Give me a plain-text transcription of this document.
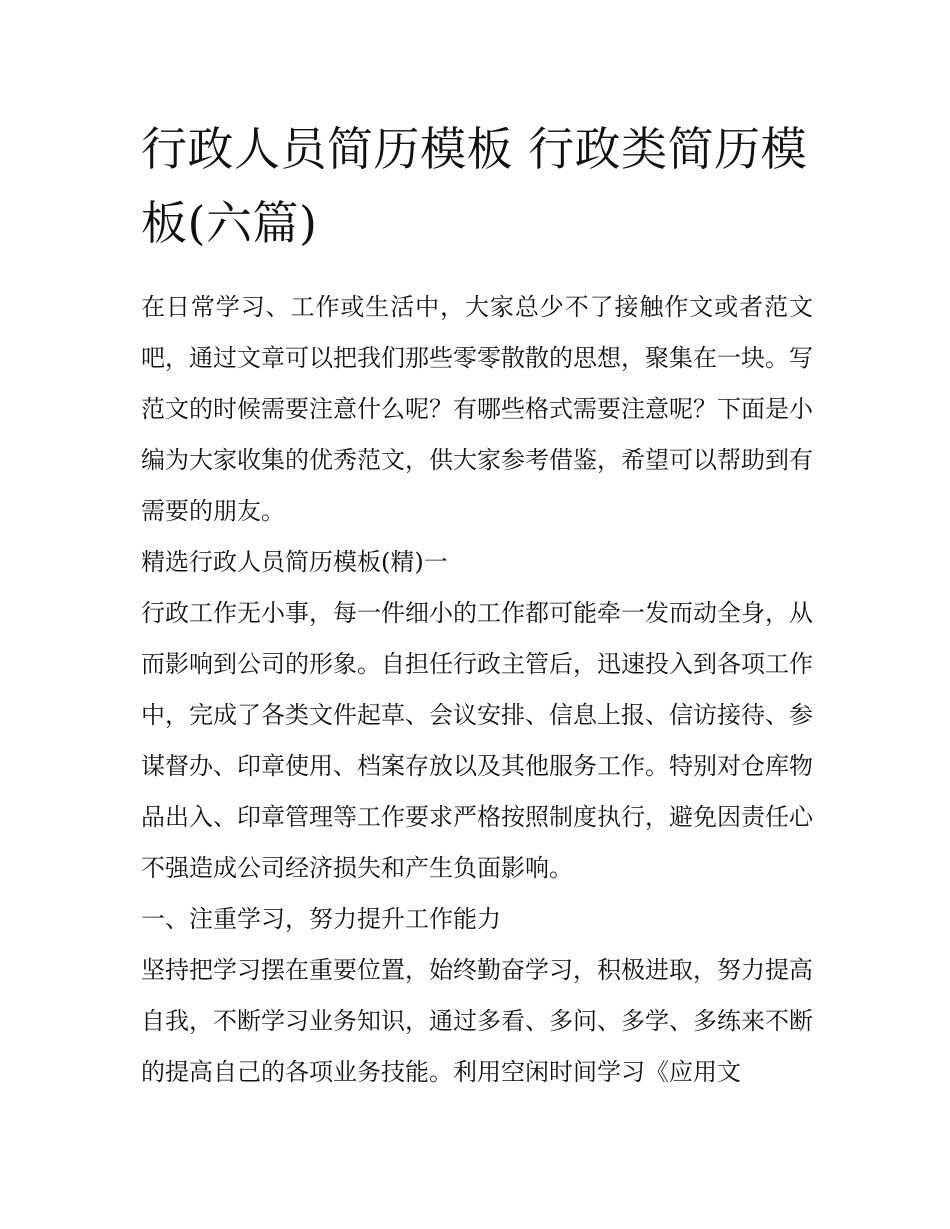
行政人员简历模板 行政类简历模板(六篇)

在日常学习、工作或生活中，大家总少不了接触作文或者范文吧，通过文章可以把我们那些零零散散的思想，聚集在一块。写范文的时候需要注意什么呢？有哪些格式需要注意呢？下面是小编为大家收集的优秀范文，供大家参考借鉴，希望可以帮助到有需要的朋友。

精选行政人员简历模板(精)一

行政工作无小事，每一件细小的工作都可能牵一发而动全身，从而影响到公司的形象。自担任行政主管后，迅速投入到各项工作中，完成了各类文件起草、会议安排、信息上报、信访接待、参谋督办、印章使用、档案存放以及其他服务工作。特别对仓库物品出入、印章管理等工作要求严格按照制度执行，避免因责任心不强造成公司经济损失和产生负面影响。

一、注重学习，努力提升工作能力

坚持把学习摆在重要位置，始终勤奋学习，积极进取，努力提高自我，不断学习业务知识，通过多看、多问、多学、多练来不断的提高自己的各项业务技能。利用空闲时间学习《应用文
